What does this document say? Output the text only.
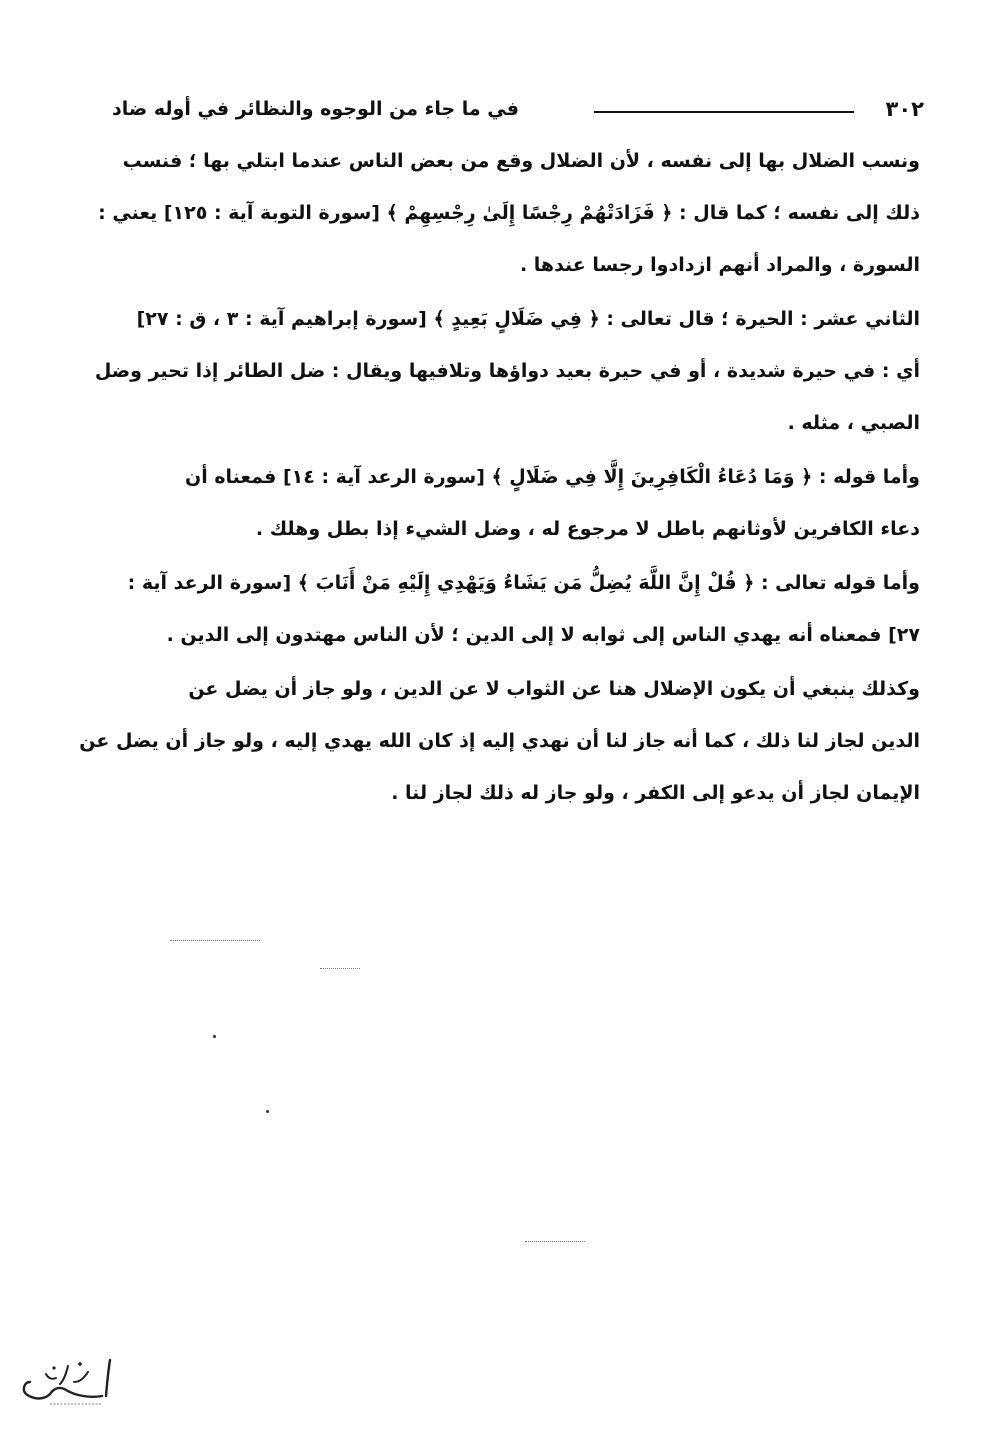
٣٠٢
في ما جاء من الوجوه والنظائر في أوله ضاد
ونسب الضلال بها إلى نفسه ، لأن الضلال وقع من بعض الناس عندما ابتلي بها ؛ فنسب
ذلك إلى نفسه ؛ كما قال : ﴿ فَزَادَتْهُمْ رِجْسًا إِلَىٰ رِجْسِهِمْ ﴾ [سورة التوبة آية : ١٢٥] يعني :
السورة ، والمراد أنهم ازدادوا رجسا عندها .
الثاني عشر : الحيرة ؛ قال تعالى : ﴿ فِي ضَلَالٍ بَعِيدٍ ﴾ [سورة إبراهيم آية : ٣ ، ق : ٢٧]
أي : في حيرة شديدة ، أو في حيرة بعيد دواؤها وتلافيها ويقال : ضل الطائر إذا تحير وضل
الصبي ، مثله .
وأما قوله : ﴿ وَمَا دُعَاءُ الْكَافِرِينَ إِلَّا فِي ضَلَالٍ ﴾ [سورة الرعد آية : ١٤] فمعناه أن
دعاء الكافرين لأوثانهم باطل لا مرجوع له ، وضل الشيء إذا بطل وهلك .
وأما قوله تعالى : ﴿ قُلْ إِنَّ اللَّهَ يُضِلُّ مَن يَشَاءُ وَيَهْدِي إِلَيْهِ مَنْ أَنَابَ ﴾ [سورة الرعد آية :
٢٧] فمعناه أنه يهدي الناس إلى ثوابه لا إلى الدين ؛ لأن الناس مهتدون إلى الدين .
وكذلك ينبغي أن يكون الإضلال هنا عن الثواب لا عن الدين ، ولو جاز أن يضل عن
الدين لجاز لنا ذلك ، كما أنه جاز لنا أن نهدي إليه إذ كان الله يهدي إليه ، ولو جاز أن يضل عن
الإيمان لجاز أن يدعو إلى الكفر ، ولو جاز له ذلك لجاز لنا .
